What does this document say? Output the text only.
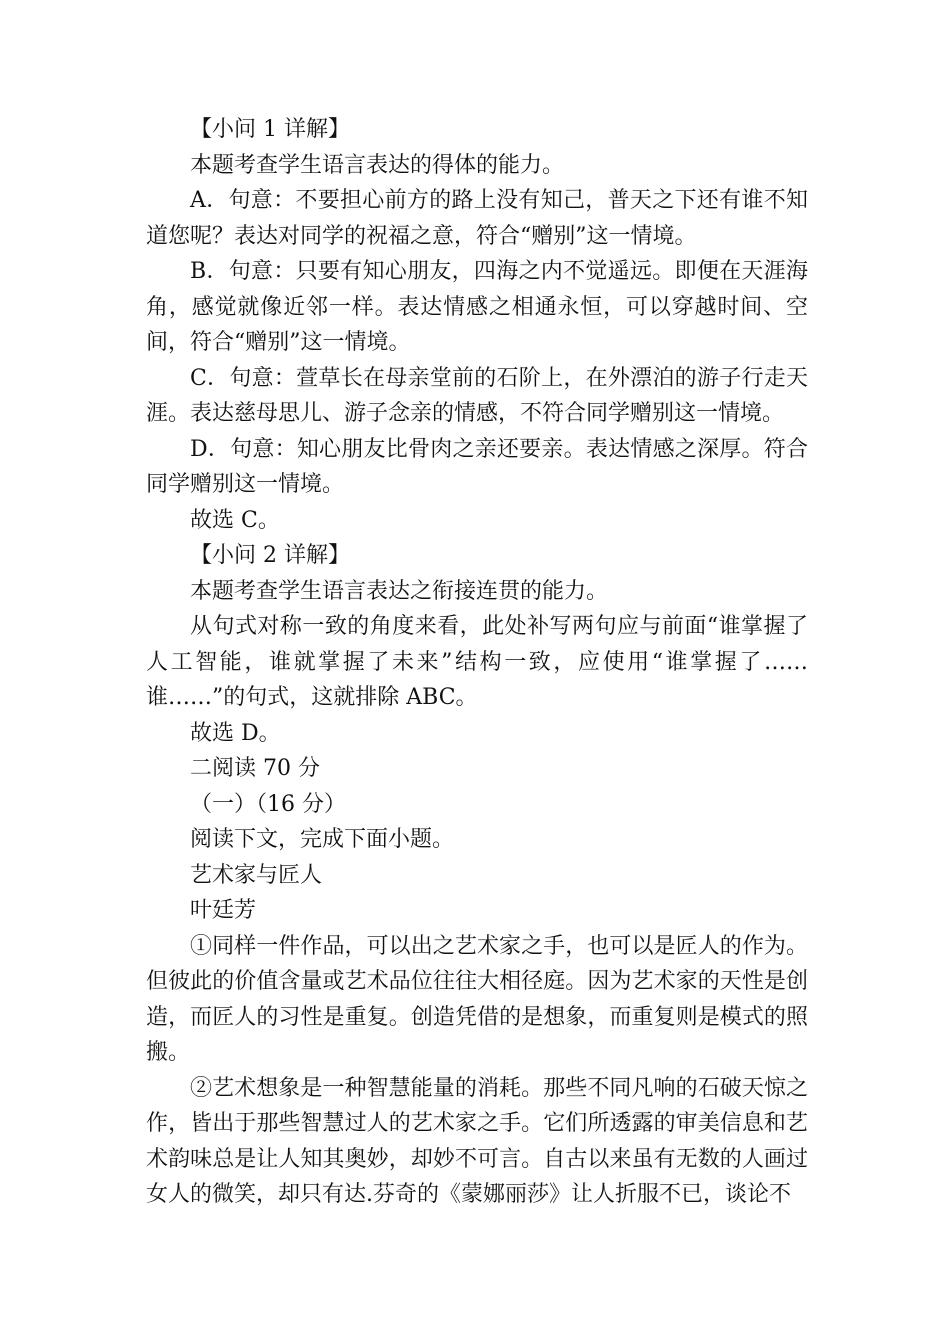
【小问 1 详解】

本题考查学生语言表达的得体的能力。

A．句意：不要担心前方的路上没有知己，普天之下还有谁不知道您呢？表达对同学的祝福之意，符合“赠别”这一情境。

B．句意：只要有知心朋友，四海之内不觉遥远。即便在天涯海角，感觉就像近邻一样。表达情感之相通永恒，可以穿越时间、空间，符合“赠别”这一情境。

C．句意：萱草长在母亲堂前的石阶上，在外漂泊的游子行走天涯。表达慈母思儿、游子念亲的情感，不符合同学赠别这一情境。

D．句意：知心朋友比骨肉之亲还要亲。表达情感之深厚。符合同学赠别这一情境。

故选 C。

【小问 2 详解】

本题考查学生语言表达之衔接连贯的能力。

从句式对称一致的角度来看，此处补写两句应与前面“谁掌握了人工智能，谁就掌握了未来”结构一致，应使用“谁掌握了……谁……”的句式，这就排除 ABC。

故选 D。

二阅读 70 分

（一）（16 分）

阅读下文，完成下面小题。

艺术家与匠人

叶廷芳

①同样一件作品，可以出之艺术家之手，也可以是匠人的作为。但彼此的价值含量或艺术品位往往大相径庭。因为艺术家的天性是创造，而匠人的习性是重复。创造凭借的是想象，而重复则是模式的照搬。

②艺术想象是一种智慧能量的消耗。那些不同凡响的石破天惊之作，皆出于那些智慧过人的艺术家之手。它们所透露的审美信息和艺术韵味总是让人知其奥妙，却妙不可言。自古以来虽有无数的人画过女人的微笑，却只有达.芬奇的《蒙娜丽莎》让人折服不已，谈论不
